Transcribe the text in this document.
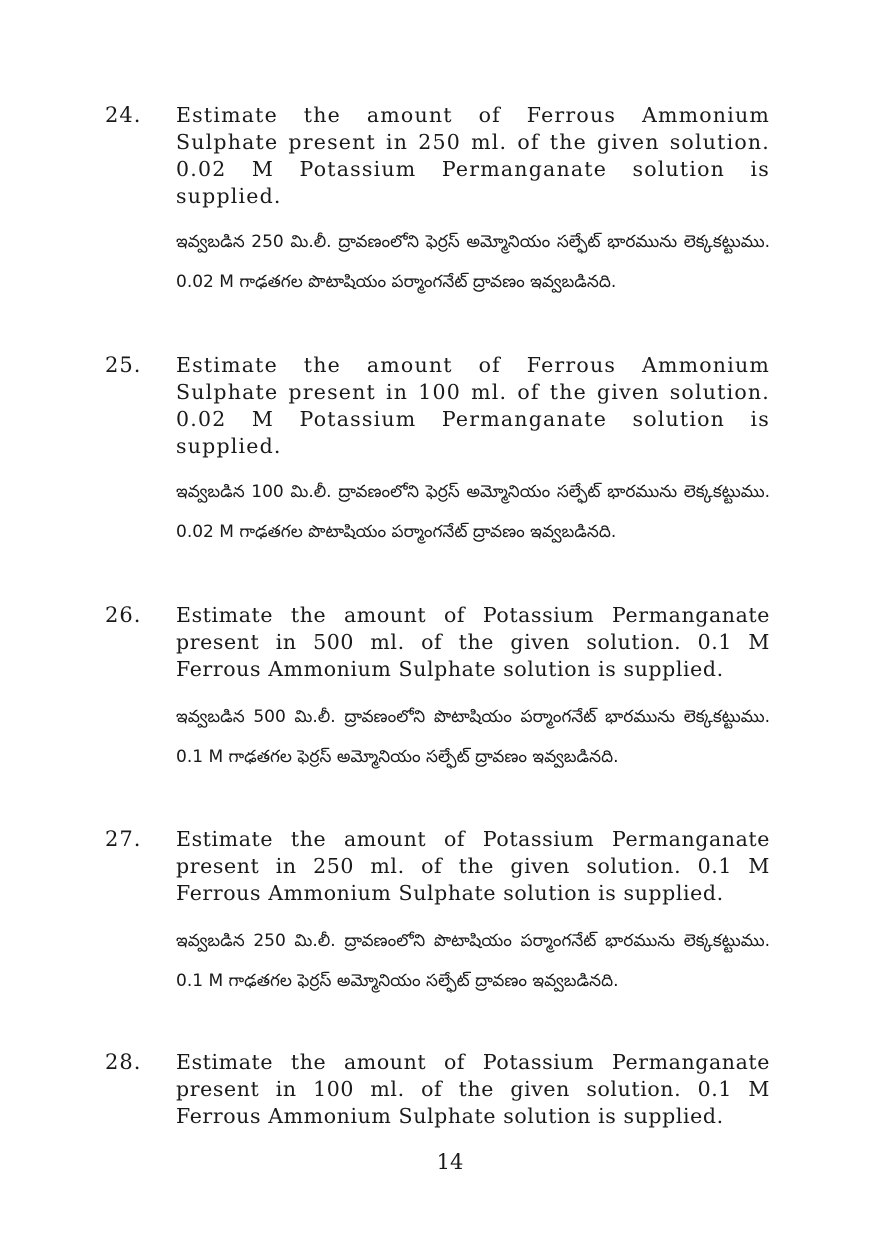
24. Estimate the amount of Ferrous Ammonium Sulphate present in 250 ml. of the given solution. 0.02 M Potassium Permanganate solution is supplied.
ఇవ్వబడిన 250 మి.లీ. ద్రావణంలోని ఫెర్రస్ అమ్మోనియం సల్ఫేట్ భారమును లెక్కకట్టుము. 0.02 M గాఢతగల పొటాషియం పర్మాంగనేట్ ద్రావణం ఇవ్వబడినది.
25. Estimate the amount of Ferrous Ammonium Sulphate present in 100 ml. of the given solution. 0.02 M Potassium Permanganate solution is supplied.
ఇవ్వబడిన 100 మి.లీ. ద్రావణంలోని ఫెర్రస్ అమ్మోనియం సల్ఫేట్ భారమును లెక్కకట్టుము. 0.02 M గాఢతగల పొటాషియం పర్మాంగనేట్ ద్రావణం ఇవ్వబడినది.
26. Estimate the amount of Potassium Permanganate present in 500 ml. of the given solution. 0.1 M Ferrous Ammonium Sulphate solution is supplied.
ఇవ్వబడిన 500 మి.లీ. ద్రావణంలోని పొటాషియం పర్మాంగనేట్ భారమును లెక్కకట్టుము. 0.1 M గాఢతగల ఫెర్రస్ అమ్మోనియం సల్ఫేట్ ద్రావణం ఇవ్వబడినది.
27. Estimate the amount of Potassium Permanganate present in 250 ml. of the given solution. 0.1 M Ferrous Ammonium Sulphate solution is supplied.
ఇవ్వబడిన 250 మి.లీ. ద్రావణంలోని పొటాషియం పర్మాంగనేట్ భారమును లెక్కకట్టుము. 0.1 M గాఢతగల ఫెర్రస్ అమ్మోనియం సల్ఫేట్ ద్రావణం ఇవ్వబడినది.
28. Estimate the amount of Potassium Permanganate present in 100 ml. of the given solution. 0.1 M Ferrous Ammonium Sulphate solution is supplied.
14
